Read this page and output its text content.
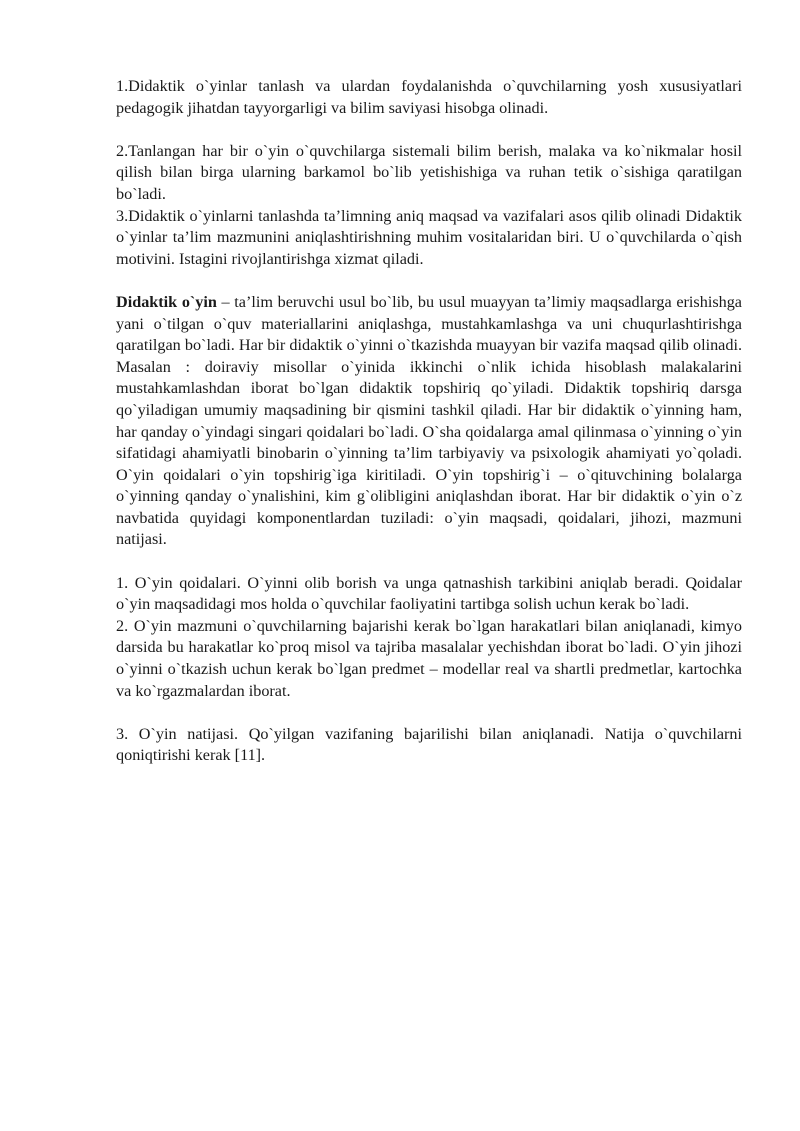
1.Didaktik o`yinlar tanlash va ulardan foydalanishda o`quvchilarning yosh xususiyatlari pedagogik jihatdan tayyorgarligi va bilim saviyasi hisobga olinadi.

2.Tanlangan har bir o`yin o`quvchilarga sistemali bilim berish, malaka va ko`nikmalar hosil qilish bilan birga ularning barkamol bo`lib yetishishiga va ruhan tetik o`sishiga qaratilgan bo`ladi.

3.Didaktik o`yinlarni tanlashda ta’limning aniq maqsad va vazifalari asos qilib olinadi Didaktik o`yinlar ta’lim mazmunini aniqlashtirishning muhim vositalaridan biri. U o`quvchilarda o`qish motivini. Istagini rivojlantirishga xizmat qiladi.

Didaktik o`yin – ta’lim beruvchi usul bo`lib, bu usul muayyan ta’limiy maqsadlarga erishishga yani o`tilgan o`quv materiallarini aniqlashga, mustahkamlashga va uni chuqurlashtirishga qaratilgan bo`ladi. Har bir didaktik o`yinni o`tkazishda muayyan bir vazifa maqsad qilib olinadi. Masalan : doiraviy misollar o`yinida ikkinchi o`nlik ichida hisoblash malakalarini mustahkamlashdan iborat bo`lgan didaktik topshiriq qo`yiladi. Didaktik topshiriq darsga qo`yiladigan umumiy maqsadining bir qismini tashkil qiladi. Har bir didaktik o`yinning ham, har qanday o`yindagi singari qoidalari bo`ladi. O`sha qoidalarga amal qilinmasa o`yinning o`yin sifatidagi ahamiyatli binobarin o`yinning ta’lim tarbiyaviy va psixologik ahamiyati yo`qoladi. O`yin qoidalari o`yin topshirig`iga kiritiladi. O`yin topshirig`i – o`qituvchining bolalarga o`yinning qanday o`ynalishini, kim g`olibligini aniqlashdan iborat. Har bir didaktik o`yin o`z navbatida quyidagi komponentlardan tuziladi: o`yin maqsadi, qoidalari, jihozi, mazmuni natijasi.

1. O`yin qoidalari. O`yinni olib borish va unga qatnashish tarkibini aniqlab beradi. Qoidalar o`yin maqsadidagi mos holda o`quvchilar faoliyatini tartibga solish uchun kerak bo`ladi.

2. O`yin mazmuni o`quvchilarning bajarishi kerak bo`lgan harakatlari bilan aniqlanadi, kimyo darsida bu harakatlar ko`proq misol va tajriba masalalar yechishdan iborat bo`ladi. O`yin jihozi o`yinni o`tkazish uchun kerak bo`lgan predmet – modellar real va shartli predmetlar, kartochka va ko`rgazmalardan iborat.

3. O`yin natijasi. Qo`yilgan vazifaning bajarilishi bilan aniqlanadi. Natija o`quvchilarni qoniqtirishi kerak [11].
